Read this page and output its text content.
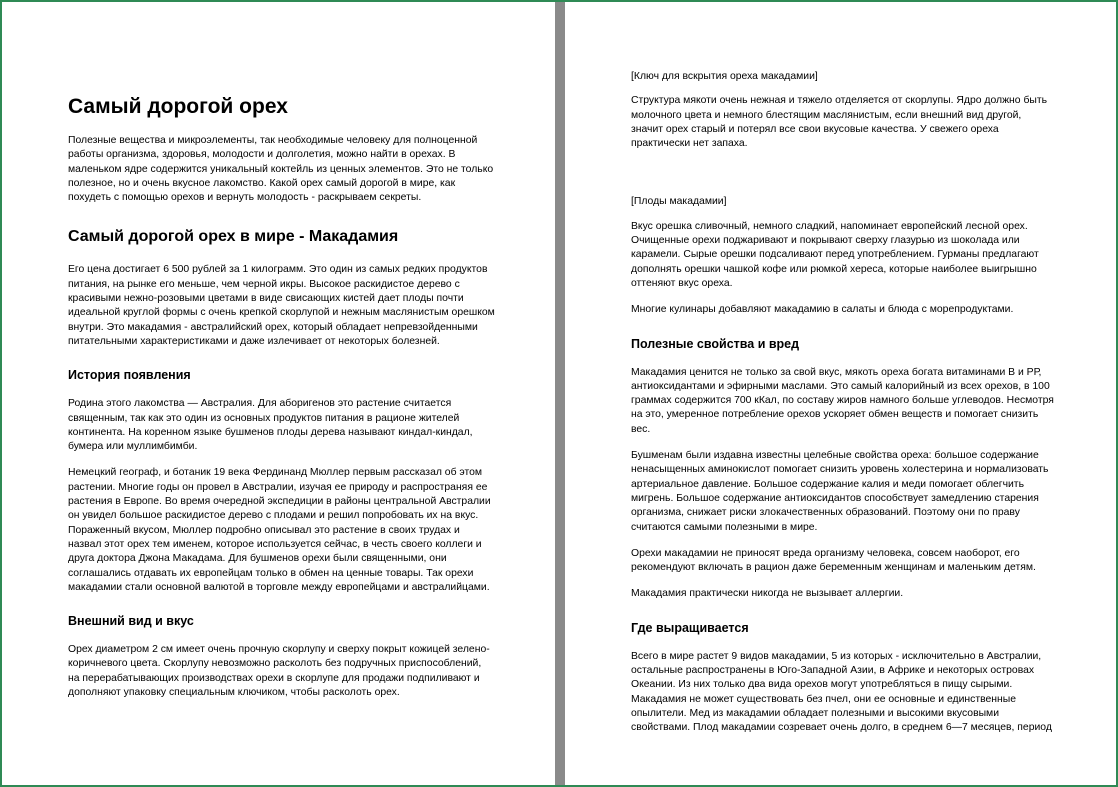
Самый дорогой орех

Полезные вещества и микроэлементы, так необходимые человеку для полноценной работы организма, здоровья, молодости и долголетия, можно найти в орехах. В маленьком ядре содержится уникальный коктейль из ценных элементов. Это не только полезное, но и очень вкусное лакомство. Какой орех самый дорогой в мире, как похудеть с помощью орехов и вернуть молодость - раскрываем секреты.

Самый дорогой орех в мире - Макадамия

Его цена достигает 6 500 рублей за 1 килограмм. Это один из самых редких продуктов питания, на рынке его меньше, чем черной икры. Высокое раскидистое дерево с красивыми нежно-розовыми цветами в виде свисающих кистей дает плоды почти идеальной круглой формы с очень крепкой скорлупой и нежным маслянистым орешком внутри. Это макадамия - австралийский орех, который обладает непревзойденными питательными характеристиками и даже излечивает от некоторых болезней.

История появления

Родина этого лакомства — Австралия. Для аборигенов это растение считается священным, так как это один из основных продуктов питания в рационе жителей континента. На коренном языке бушменов плоды дерева называют киндал-киндал, бумера или муллимбимби.

Немецкий географ, и ботаник 19 века Фердинанд Мюллер первым рассказал об этом растении. Многие годы он провел в Австралии, изучая ее природу и распространяя ее растения в Европе. Во время очередной экспедиции в районы центральной Австралии он увидел большое раскидистое дерево с плодами и решил попробовать их на вкус. Пораженный вкусом, Мюллер подробно описывал это растение в своих трудах и назвал этот орех тем именем, которое используется сейчас, в честь своего коллеги и друга доктора Джона Макадама. Для бушменов орехи были священными, они соглашались отдавать их европейцам только в обмен на ценные товары. Так орехи макадамии стали основной валютой в торговле между европейцами и австралийцами.

Внешний вид и вкус

Орех диаметром 2 см имеет очень прочную скорлупу и сверху покрыт кожицей зелено-коричневого цвета. Скорлупу невозможно расколоть без подручных приспособлений, на перерабатывающих производствах орехи в скорлупе для продажи подпиливают и дополняют упаковку специальным ключиком, чтобы расколоть орех.

[Ключ для вскрытия ореха макадамии]

Структура мякоти очень нежная и тяжело отделяется от скорлупы. Ядро должно быть молочного цвета и немного блестящим маслянистым, если внешний вид другой, значит орех старый и потерял все свои вкусовые качества. У свежего ореха практически нет запаха.

[Плоды макадамии]

Вкус орешка сливочный, немного сладкий, напоминает европейский лесной орех. Очищенные орехи поджаривают и покрывают сверху глазурью из шоколада или карамели. Сырые орешки подсаливают перед употреблением. Гурманы предлагают дополнять орешки чашкой кофе или рюмкой хереса, которые наиболее выигрышно оттеняют вкус ореха.

Многие кулинары добавляют макадамию в салаты и блюда с морепродуктами.

Полезные свойства и вред

Макадамия ценится не только за свой вкус, мякоть ореха богата витаминами В и РР, антиоксидантами и эфирными маслами. Это самый калорийный из всех орехов, в 100 граммах содержится 700 кКал, по составу жиров намного больше углеводов. Несмотря на это, умеренное потребление орехов ускоряет обмен веществ и помогает снизить вес.

Бушменам были издавна известны целебные свойства ореха: большое содержание ненасыщенных аминокислот помогает снизить уровень холестерина и нормализовать артериальное давление. Большое содержание калия и меди помогает облегчить мигрень. Большое содержание антиоксидантов способствует замедлению старения организма, снижает риски злокачественных образований. Поэтому они по праву считаются самыми полезными в мире.

Орехи макадамии не приносят вреда организму человека, совсем наоборот, его рекомендуют включать в рацион даже беременным женщинам и маленьким детям.

Макадамия практически никогда не вызывает аллергии.

Где выращивается

Всего в мире растет 9 видов макадамии, 5 из которых - исключительно в Австралии, остальные распространены в Юго-Западной Азии, в Африке и некоторых островах Океании. Из них только два вида орехов могут употребляться в пищу сырыми. Макадамия не может существовать без пчел, они ее основные и единственные опылители. Мед из макадамии обладает полезными и высокими вкусовыми свойствами. Плод макадамии созревает очень долго, в среднем 6—7 месяцев, период
